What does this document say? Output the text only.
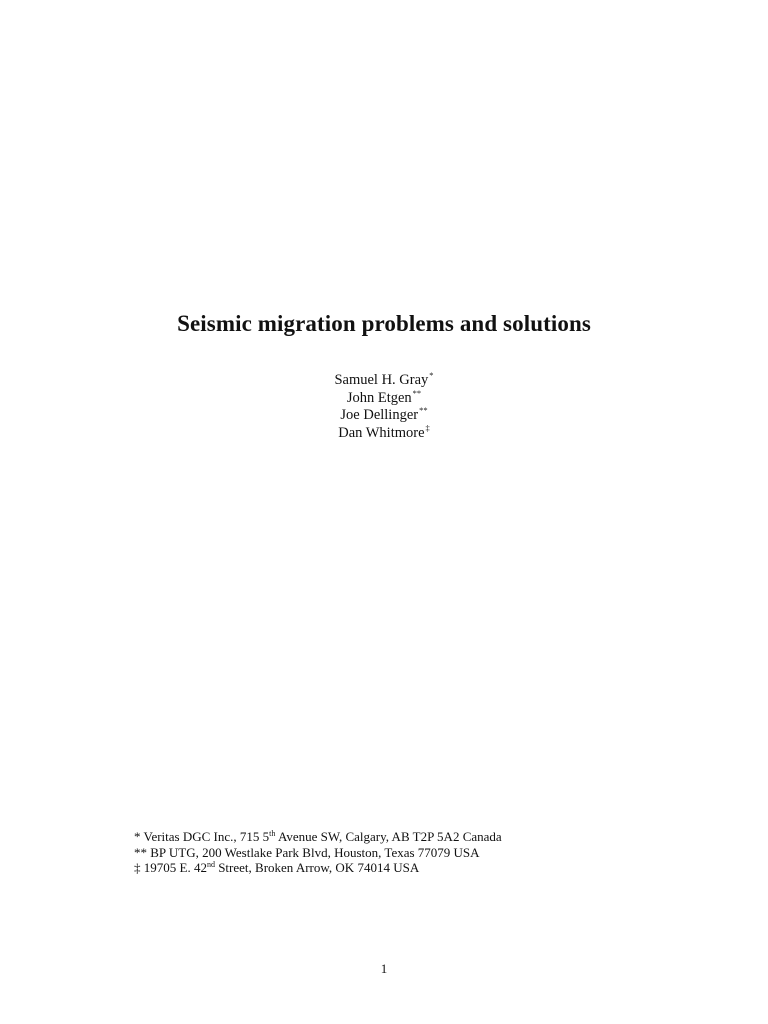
Seismic migration problems and solutions
Samuel H. Gray*
John Etgen**
Joe Dellinger**
Dan Whitmore‡
* Veritas DGC Inc., 715 5th Avenue SW, Calgary, AB T2P 5A2 Canada
** BP UTG, 200 Westlake Park Blvd, Houston, Texas 77079 USA
‡ 19705 E. 42nd Street, Broken Arrow, OK 74014 USA
1
